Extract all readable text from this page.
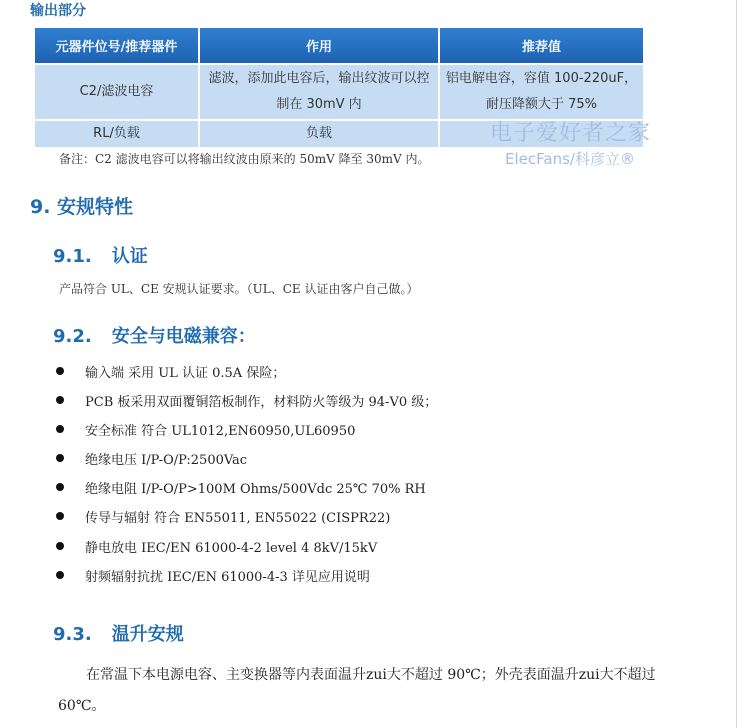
输出部分
元器件位号/推荐器件	作用	推荐值
C2/滤波电容	滤波，添加此电容后，输出纹波可以控制在 30mV 内	铝电解电容，容值 100-220uF，耐压降额大于 75%
RL/负载	负载		电子爱好者之家
ElecFans/科彦立®
备注：C2 滤波电容可以将输出纹波由原来的 50mV 降至 30mV 内。
9. 安规特性
9.1. 认证
产品符合 UL、CE 安规认证要求。（UL、CE 认证由客户自己做。）
9.2. 安全与电磁兼容：
输入端 采用 UL 认证 0.5A 保险；
PCB 板采用双面覆铜箔板制作，材料防火等级为 94-V0 级；
安全标准 符合 UL1012,EN60950,UL60950
绝缘电压 I/P-O/P:2500Vac
绝缘电阻 I/P-O/P>100M Ohms/500Vdc 25℃ 70% RH
传导与辐射 符合 EN55011, EN55022 (CISPR22)
静电放电 IEC/EN 61000-4-2 level 4 8kV/15kV
射频辐射抗扰 IEC/EN 61000-4-3 详见应用说明
9.3. 温升安规
在常温下本电源电容、主变换器等内表面温升zui大不超过 90℃；外壳表面温升zui大不超过 60℃。
